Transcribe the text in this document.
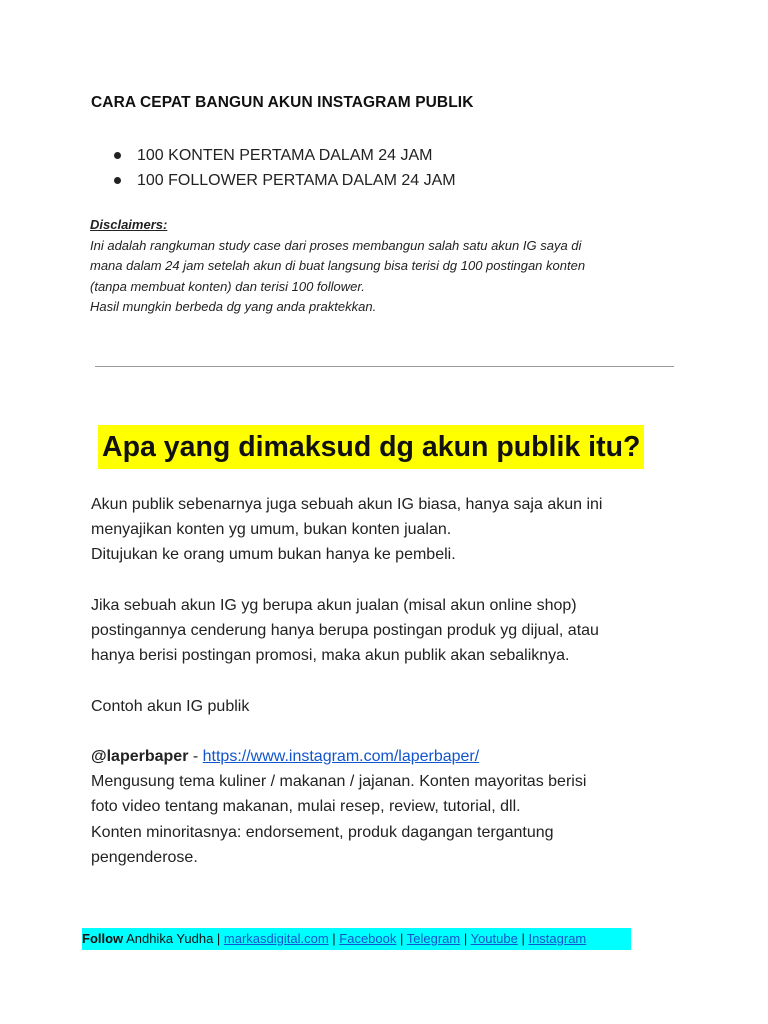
CARA CEPAT BANGUN AKUN INSTAGRAM PUBLIK
100 KONTEN PERTAMA DALAM 24 JAM
100 FOLLOWER PERTAMA DALAM 24 JAM

Disclaimers:

Ini adalah rangkuman study case dari proses membangun salah satu akun IG saya di

mana dalam 24 jam setelah akun di buat langsung bisa terisi dg 100 postingan konten

(tanpa membuat konten) dan terisi 100 follower.

Hasil mungkin berbeda dg yang anda praktekkan.

Apa yang dimaksud dg akun publik itu?

Akun publik sebenarnya juga sebuah akun IG biasa, hanya saja akun ini

menyajikan konten yg umum, bukan konten jualan.

Ditujukan ke orang umum bukan hanya ke pembeli.

Jika sebuah akun IG yg berupa akun jualan (misal akun online shop)

postingannya cenderung hanya berupa postingan produk yg dijual, atau

hanya berisi postingan promosi, maka akun publik akan sebaliknya.

Contoh akun IG publik

@laperbaper - https://www.instagram.com/laperbaper/

Mengusung tema kuliner / makanan / jajanan. Konten mayoritas berisi

foto video tentang makanan, mulai resep, review, tutorial, dll.

Konten minoritasnya: endorsement, produk dagangan tergantung

pengenderose.

Follow Andhika Yudha | markasdigital.com | Facebook | Telegram | Youtube | Instagram
